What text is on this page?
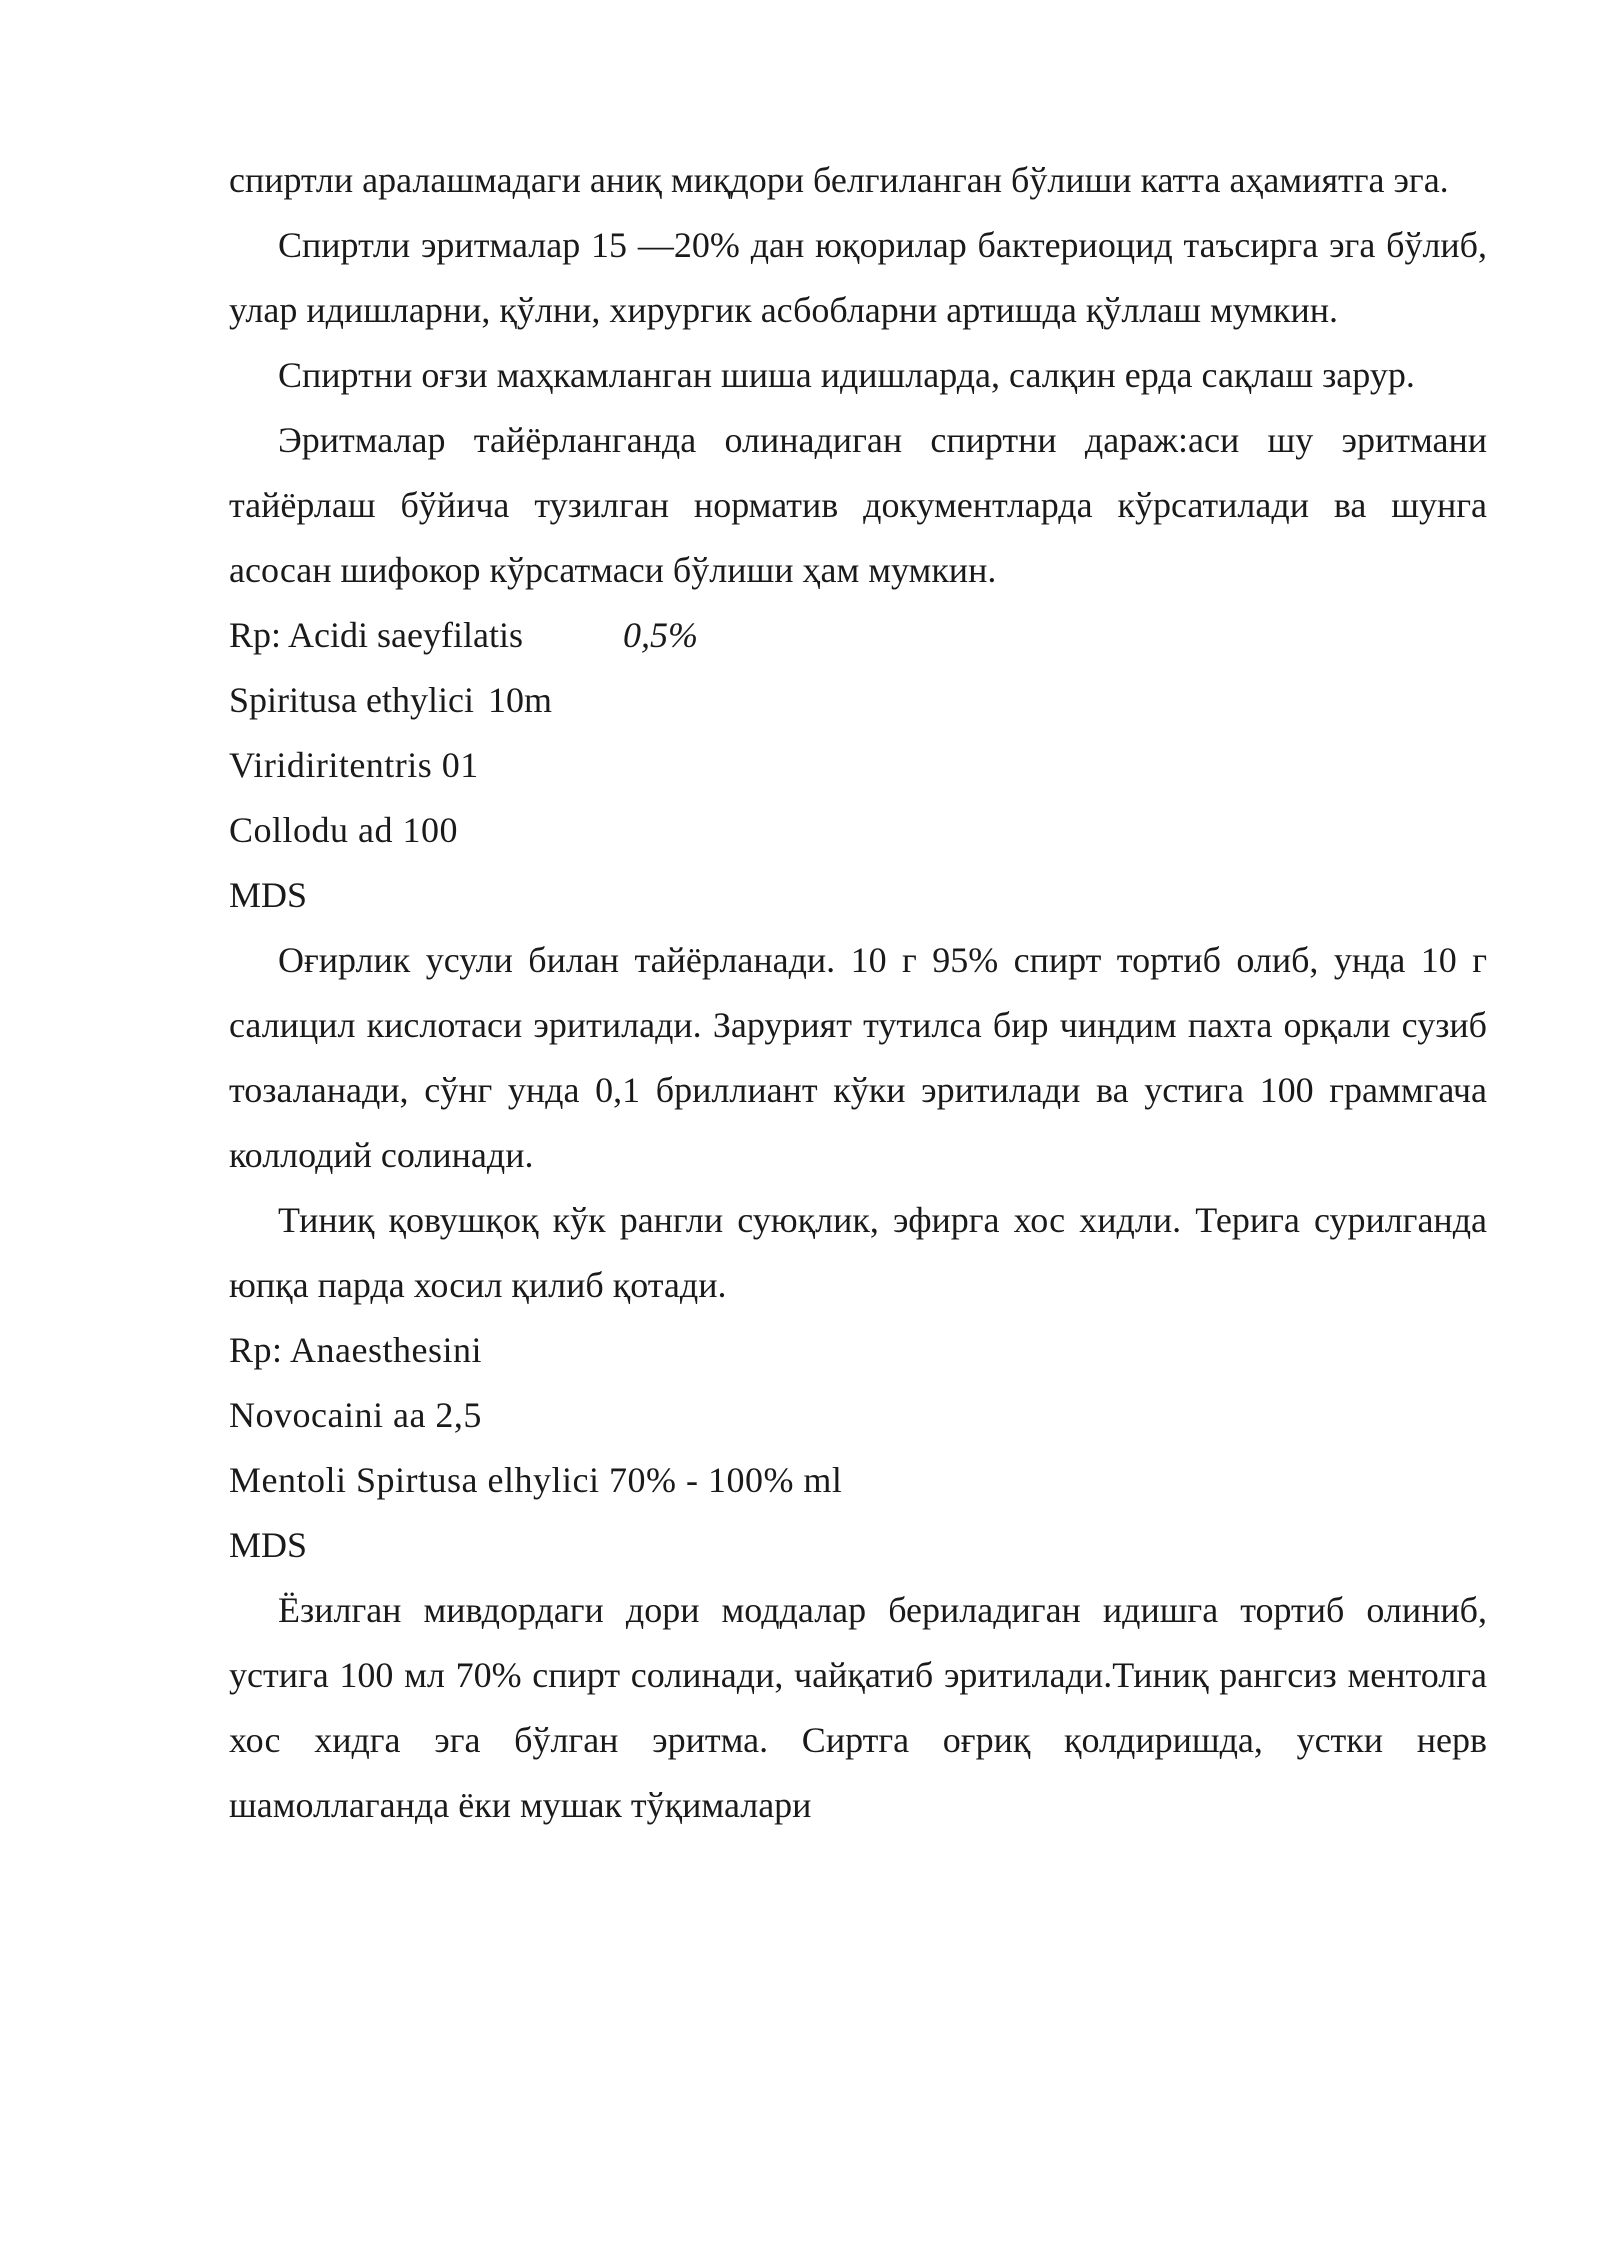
спиртли аралашмадаги аниқ миқдори белгиланган бўлиши катта аҳамиятга эга.

Спиртли эритмалар 15 —20% дан юқорилар бактериоцид таъсирга эга бўлиб, улар идишларни, қўлни, хирургик асбобларни артишда қўллаш мумкин.

Спиртни оғзи маҳкамланган шиша идишларда, салқин ерда сақлаш зарур.

Эритмалар тайёрланганда олинадиган спиртни дараж:аси шу эритмани тайёрлаш бўйича тузилган норматив документларда кўрсатилади ва шунга асосан шифокор кўрсатмаси бўлиши ҳам мумкин.

Rp: Acidi saeyfilatis	0,5%

Spiritusa ethylici 10m

Viridiritentris 01

Collodu ad 100

MDS

Оғирлик усули билан тайёрланади. 10 г 95% спирт тортиб олиб, унда 10 г салицил кислотаси эритилади. Зарурият тутилса бир чиндим пахта орқали сузиб тозаланади, сўнг унда 0,1 бриллиант кўки эритилади ва устига 100 граммгача коллодий солинади.

Тиниқ қовушқоқ кўк рангли суюқлик, эфирга хос хидли. Терига сурилганда юпқа парда хосил қилиб қотади.

Rp: Anaesthesini

Novocaini aa 2,5

Mentoli Spirtusa elhylici 70% - 100% ml

MDS

Ёзилган мивдордаги дори моддалар бериладиган идишга тортиб олиниб, устига 100 мл 70% спирт солинади, чайқатиб эритилади.Тиниқ рангсиз ментолга хос хидга эга бўлган эритма. Сиртга оғриқ қолдиришда, устки нерв шамоллаганда ёки мушак тўқималари
